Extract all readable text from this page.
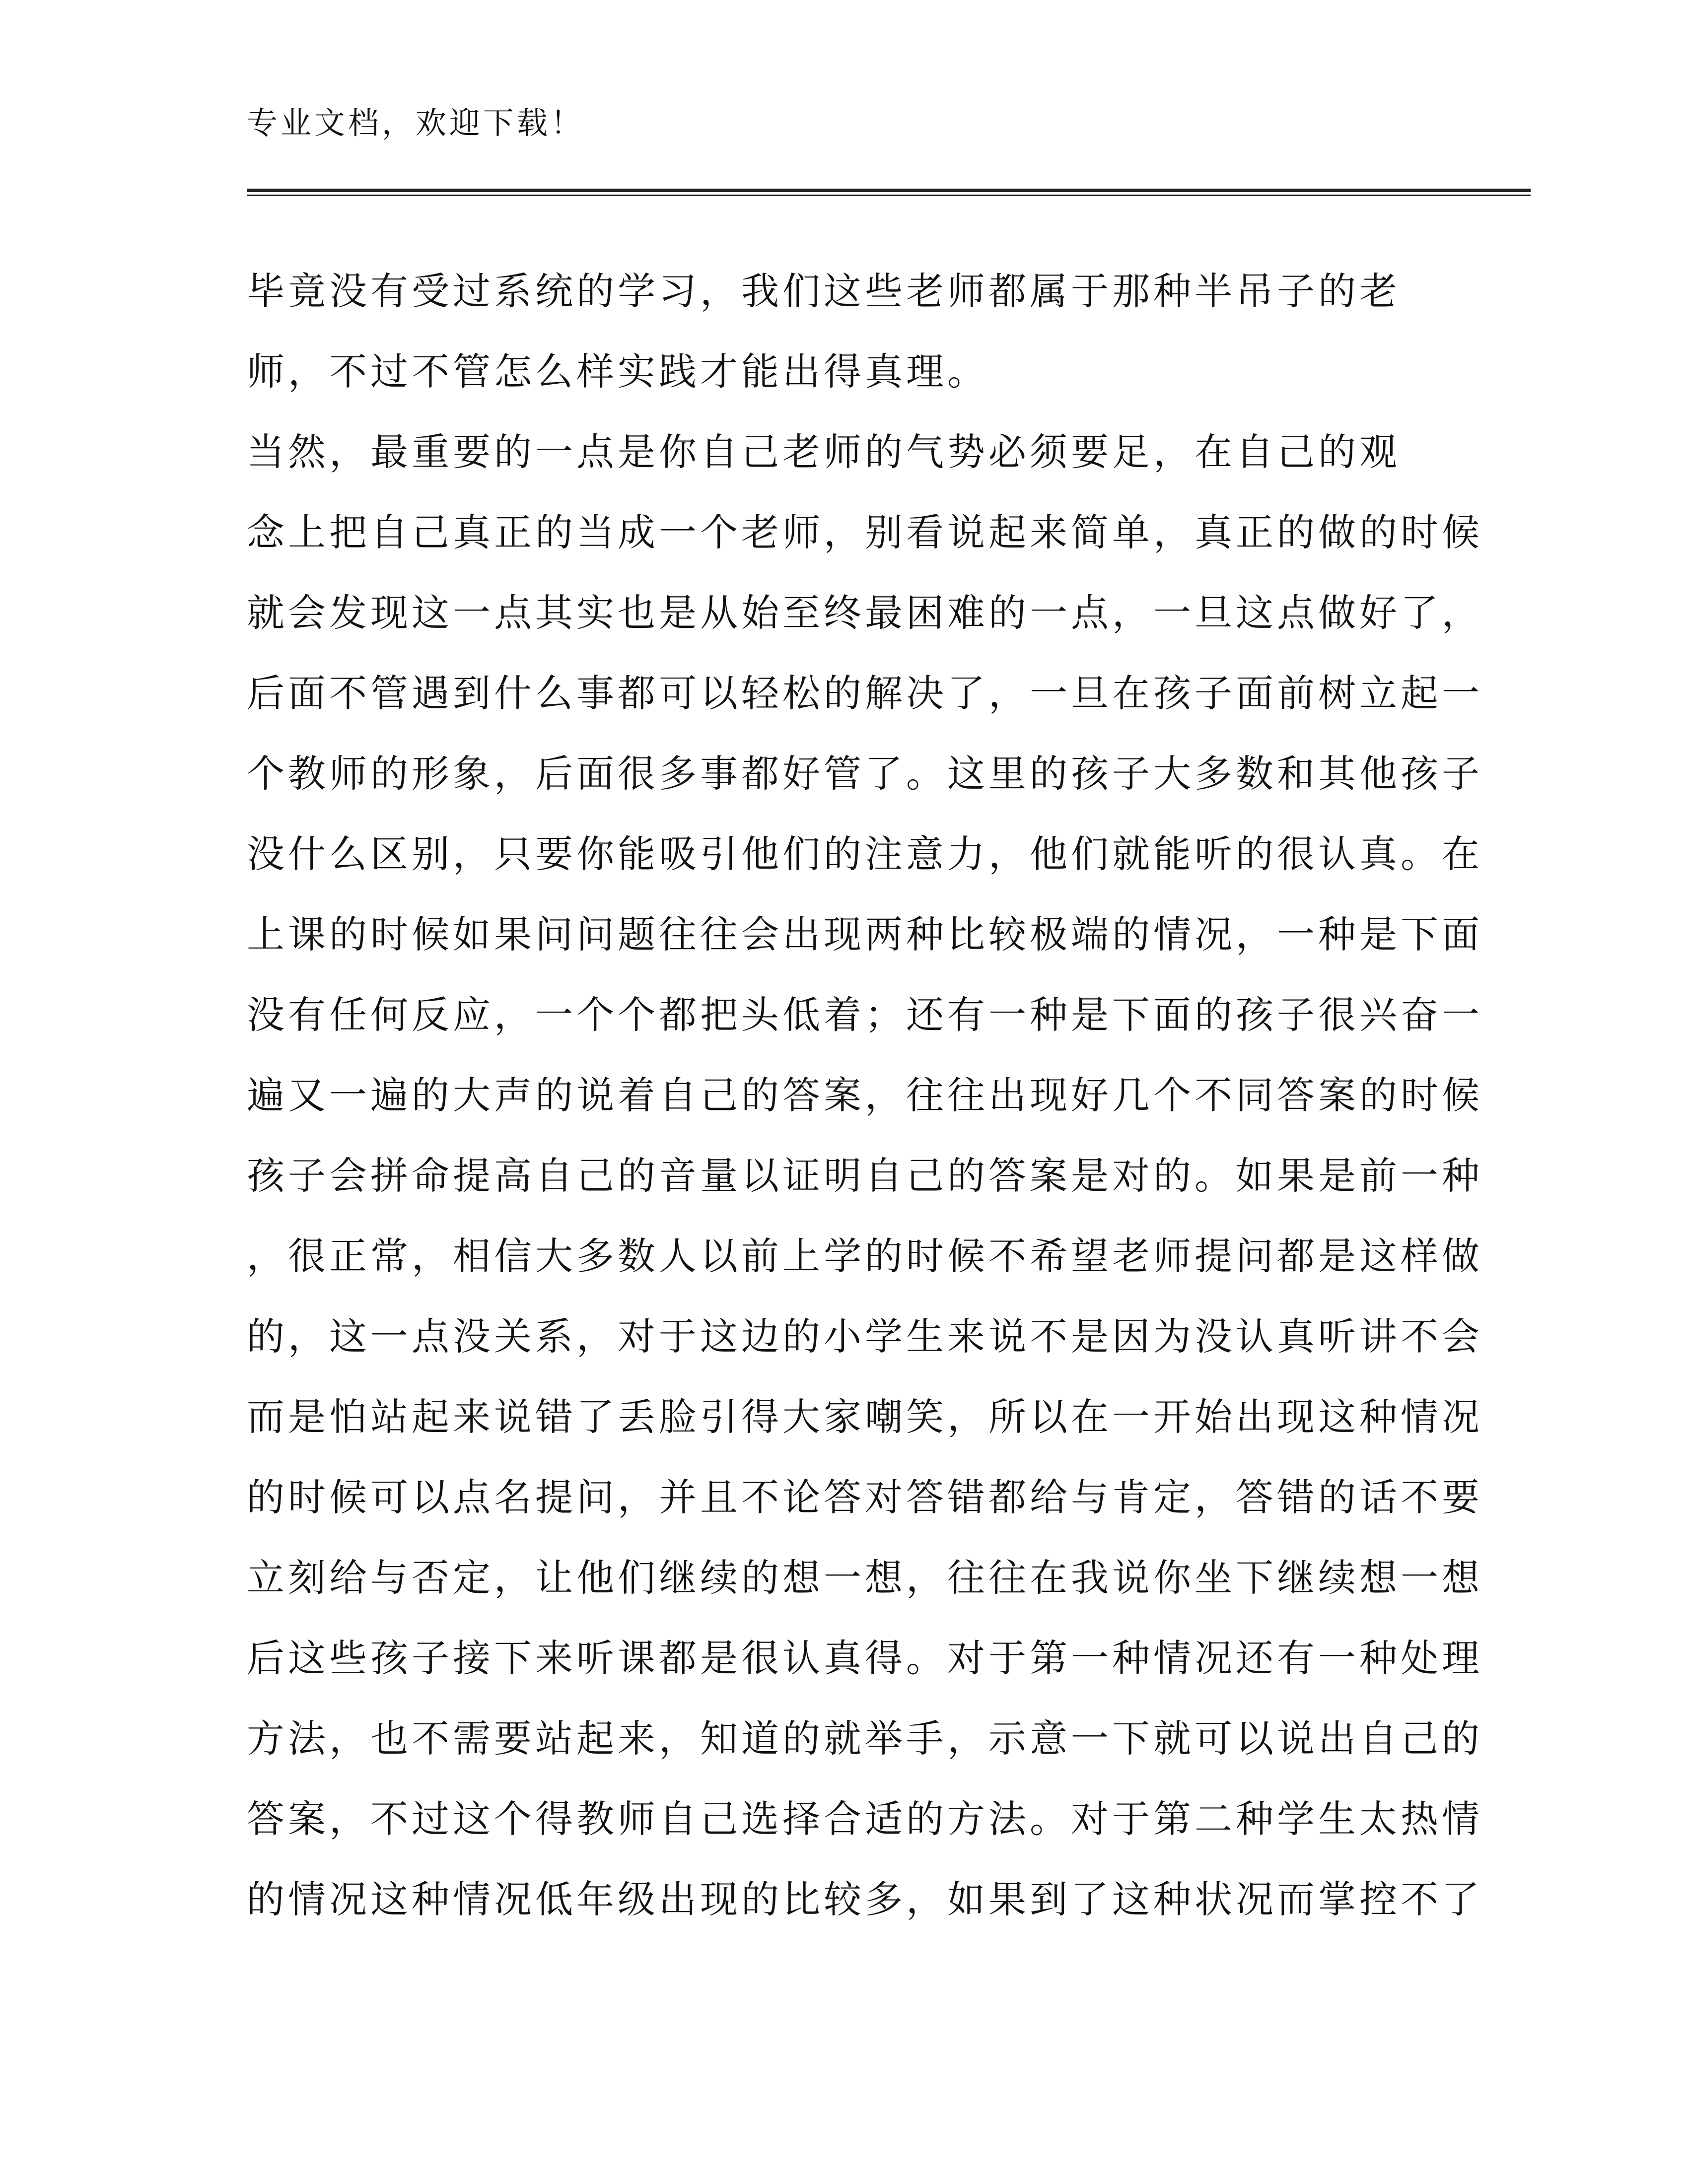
专业文档，欢迎下载！
毕竟没有受过系统的学习，我们这些老师都属于那种半吊子的老
师，不过不管怎么样实践才能出得真理。
当然，最重要的一点是你自己老师的气势必须要足，在自己的观
念上把自己真正的当成一个老师，别看说起来简单，真正的做的时候
就会发现这一点其实也是从始至终最困难的一点，一旦这点做好了，
后面不管遇到什么事都可以轻松的解决了，一旦在孩子面前树立起一
个教师的形象，后面很多事都好管了。这里的孩子大多数和其他孩子
没什么区别，只要你能吸引他们的注意力，他们就能听的很认真。在
上课的时候如果问问题往往会出现两种比较极端的情况，一种是下面
没有任何反应，一个个都把头低着；还有一种是下面的孩子很兴奋一
遍又一遍的大声的说着自己的答案，往往出现好几个不同答案的时候
孩子会拼命提高自己的音量以证明自己的答案是对的。如果是前一种
，很正常，相信大多数人以前上学的时候不希望老师提问都是这样做
的，这一点没关系，对于这边的小学生来说不是因为没认真听讲不会
而是怕站起来说错了丢脸引得大家嘲笑，所以在一开始出现这种情况
的时候可以点名提问，并且不论答对答错都给与肯定，答错的话不要
立刻给与否定，让他们继续的想一想，往往在我说你坐下继续想一想
后这些孩子接下来听课都是很认真得。对于第一种情况还有一种处理
方法，也不需要站起来，知道的就举手，示意一下就可以说出自己的
答案，不过这个得教师自己选择合适的方法。对于第二种学生太热情
的情况这种情况低年级出现的比较多，如果到了这种状况而掌控不了
